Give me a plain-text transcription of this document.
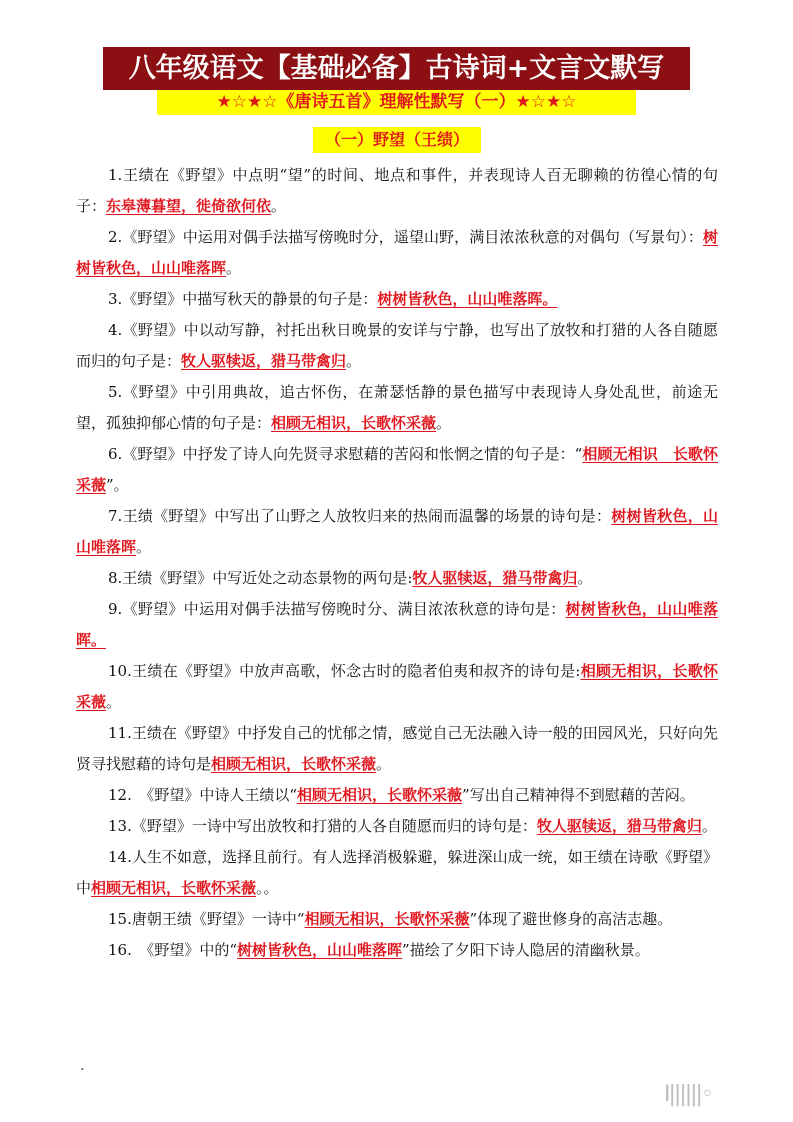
八年级语文【基础必备】古诗词+文言文默写
★☆★☆《唐诗五首》理解性默写（一）★☆★☆
（一）野望（王绩）
1.王绩在《野望》中点明“望”的时间、地点和事件，并表现诗人百无聊赖的彷徨心情的句子：东皋薄暮望，徙倚欲何依。
2.《野望》中运用对偶手法描写傍晚时分，遥望山野，满目浓浓秋意的对偶句（写景句）：树树皆秋色，山山唯落晖。
3.《野望》中描写秋天的静景的句子是：树树皆秋色，山山唯落晖。
4.《野望》中以动写静，衬托出秋日晚景的安详与宁静，也写出了放牧和打猎的人各自随愿而归的句子是：牧人驱犊返，猎马带禽归。
5.《野望》中引用典故，追古怀伤，在萧瑟恬静的景色描写中表现诗人身处乱世，前途无望，孤独抑郁心情的句子是：相顾无相识，长歌怀采薇。
6.《野望》中抒发了诗人向先贤寻求慰藉的苦闷和怅惘之情的句子是：“相顾无相识　长歌怀采薇”。
7.王绩《野望》中写出了山野之人放牧归来的热闹而温馨的场景的诗句是：树树皆秋色，山山唯落晖。
8.王绩《野望》中写近处之动态景物的两句是:牧人驱犊返，猎马带禽归。
9.《野望》中运用对偶手法描写傍晚时分、满目浓浓秋意的诗句是：树树皆秋色，山山唯落晖。
10.王绩在《野望》中放声高歌，怀念古时的隐者伯夷和叔齐的诗句是:相顾无相识，长歌怀采薇。
11.王绩在《野望》中抒发自己的忧郁之情，感觉自己无法融入诗一般的田园风光，只好向先贤寻找慰藉的诗句是相顾无相识，长歌怀采薇。
12.　《野望》中诗人王绩以“相顾无相识，长歌怀采薇”写出自己精神得不到慰藉的苦闷。
13.《野望》一诗中写出放牧和打猎的人各自随愿而归的诗句是：牧人驱犊返，猎马带禽归。
14.人生不如意，选择且前行。有人选择消极躲避，躲进深山成一统，如王绩在诗歌《野望》中相顾无相识，长歌怀采薇。。
15.唐朝王绩《野望》一诗中“相顾无相识，长歌怀采薇”体现了避世修身的高洁志趣。
16.　《野望》中的“树树皆秋色，山山唯落晖”描绘了夕阳下诗人隐居的清幽秋景。
.
Ⅰ||||||◦
